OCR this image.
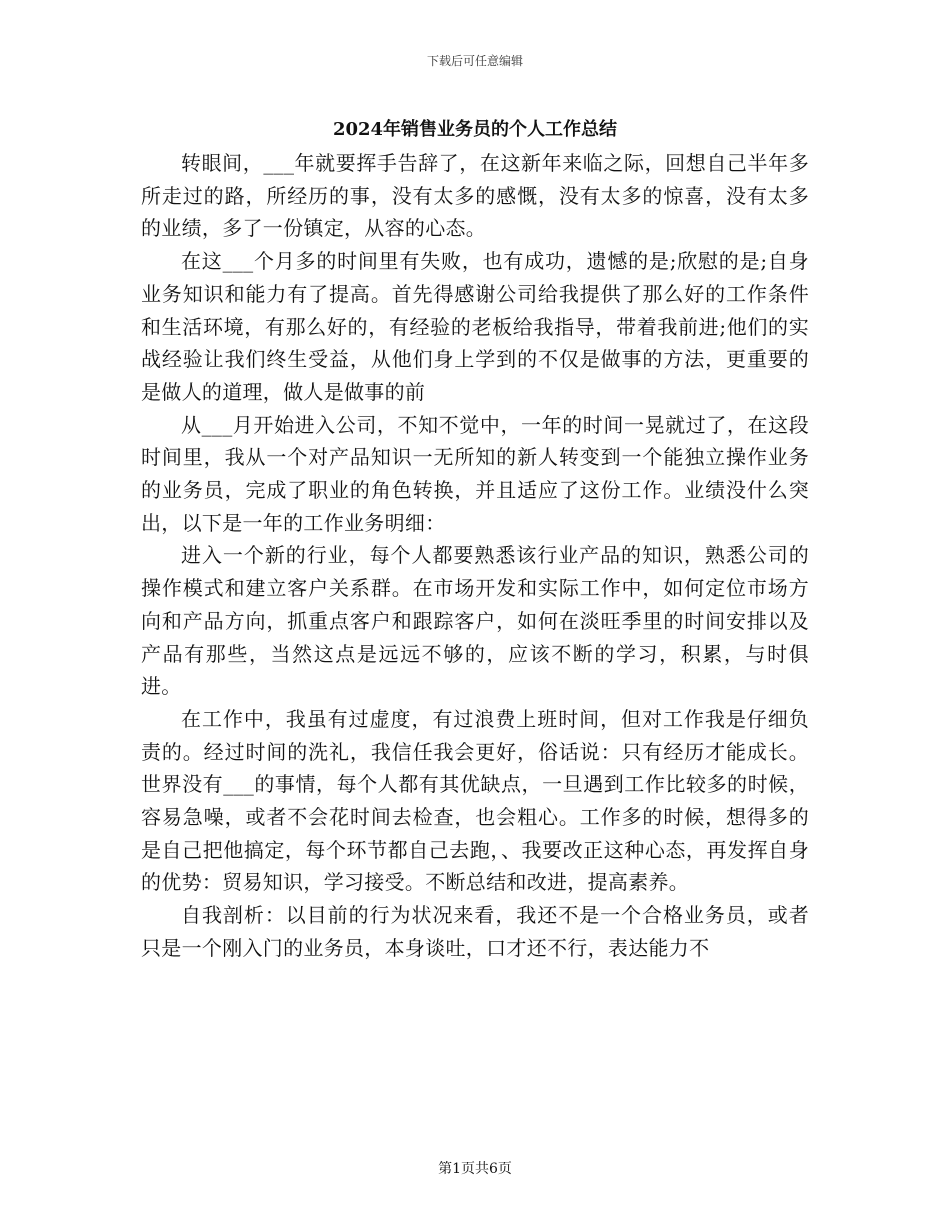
下载后可任意编辑
2024年销售业务员的个人工作总结

转眼间，___年就要挥手告辞了，在这新年来临之际，回想自己半年多所走过的路，所经历的事，没有太多的感慨，没有太多的惊喜，没有太多的业绩，多了一份镇定，从容的心态。

在这___个月多的时间里有失败，也有成功，遗憾的是;欣慰的是;自身业务知识和能力有了提高。首先得感谢公司给我提供了那么好的工作条件和生活环境，有那么好的，有经验的老板给我指导，带着我前进;他们的实战经验让我们终生受益，从他们身上学到的不仅是做事的方法，更重要的是做人的道理，做人是做事的前

从___月开始进入公司，不知不觉中，一年的时间一晃就过了，在这段时间里，我从一个对产品知识一无所知的新人转变到一个能独立操作业务的业务员，完成了职业的角色转换，并且适应了这份工作。业绩没什么突出，以下是一年的工作业务明细：

进入一个新的行业，每个人都要熟悉该行业产品的知识，熟悉公司的操作模式和建立客户关系群。在市场开发和实际工作中，如何定位市场方向和产品方向，抓重点客户和跟踪客户，如何在淡旺季里的时间安排以及产品有那些，当然这点是远远不够的，应该不断的学习，积累，与时俱进。

在工作中，我虽有过虚度，有过浪费上班时间，但对工作我是仔细负责的。经过时间的洗礼，我信任我会更好，俗话说：只有经历才能成长。世界没有___的事情，每个人都有其优缺点，一旦遇到工作比较多的时候，容易急噪，或者不会花时间去检查，也会粗心。工作多的时候，想得多的是自己把他搞定，每个环节都自己去跑，、我要改正这种心态，再发挥自身的优势：贸易知识，学习接受。不断总结和改进，提高素养。

自我剖析：以目前的行为状况来看，我还不是一个合格业务员，或者只是一个刚入门的业务员，本身谈吐，口才还不行，表达能力不

第1页共6页
